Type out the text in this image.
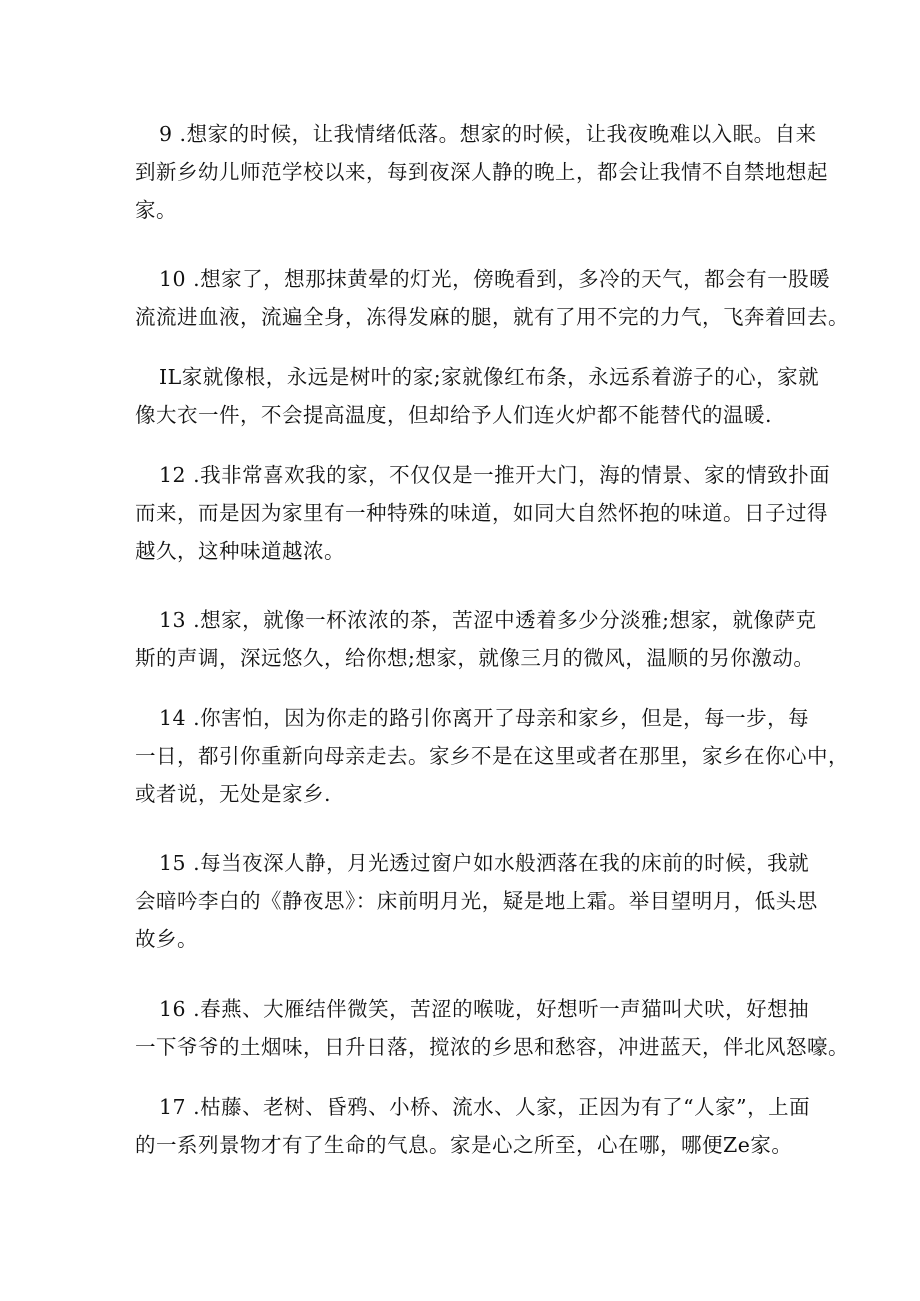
9 .想家的时候，让我情绪低落。想家的时候，让我夜晚难以入眠。自来
到新乡幼儿师范学校以来，每到夜深人静的晚上，都会让我情不自禁地想起
家。
10 .想家了，想那抹黄晕的灯光，傍晚看到，多冷的天气，都会有一股暖
流流进血液，流遍全身，冻得发麻的腿，就有了用不完的力气，飞奔着回去。
IL家就像根，永远是树叶的家;家就像红布条，永远系着游子的心，家就
像大衣一件，不会提高温度，但却给予人们连火炉都不能替代的温暖.
12 .我非常喜欢我的家，不仅仅是一推开大门，海的情景、家的情致扑面
而来，而是因为家里有一种特殊的味道，如同大自然怀抱的味道。日子过得
越久，这种味道越浓。
13 .想家，就像一杯浓浓的茶，苦涩中透着多少分淡雅;想家，就像萨克
斯的声调，深远悠久，给你想;想家，就像三月的微风，温顺的另你激动。
14 .你害怕，因为你走的路引你离开了母亲和家乡，但是，每一步，每
一日，都引你重新向母亲走去。家乡不是在这里或者在那里，家乡在你心中，
或者说，无处是家乡.
15 .每当夜深人静，月光透过窗户如水般洒落在我的床前的时候，我就
会暗吟李白的《静夜思》：床前明月光，疑是地上霜。举目望明月，低头思
故乡。
16 .春燕、大雁结伴微笑，苦涩的喉咙，好想听一声猫叫犬吠，好想抽
一下爷爷的土烟味，日升日落，搅浓的乡思和愁容，冲进蓝天，伴北风怒嚎。
17 .枯藤、老树、昏鸦、小桥、流水、人家，正因为有了“人家”，上面
的一系列景物才有了生命的气息。家是心之所至，心在哪，哪便Ze家。
